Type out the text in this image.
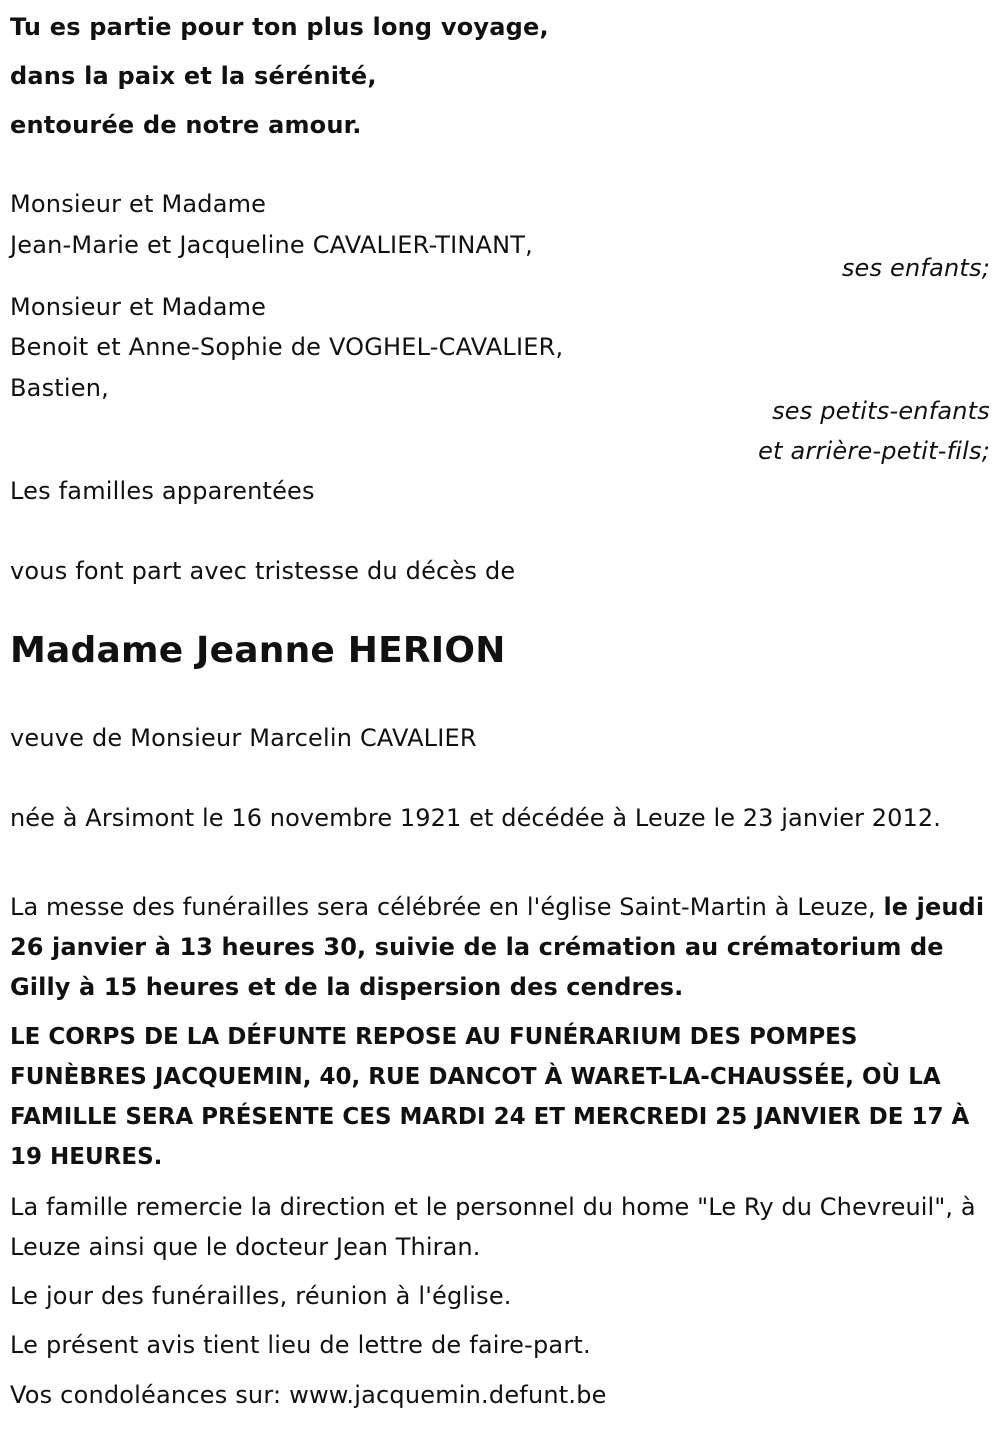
Tu es partie pour ton plus long voyage,
dans la paix et la sérénité,
entourée de notre amour.
Monsieur et Madame
Jean-Marie et Jacqueline CAVALIER-TINANT,
ses enfants;
Monsieur et Madame
Benoit et Anne-Sophie de VOGHEL-CAVALIER,
Bastien,
ses petits-enfants
et arrière-petit-fils;
Les familles apparentées
vous font part avec tristesse du décès de
Madame Jeanne HERION
veuve de Monsieur Marcelin CAVALIER
née à Arsimont le 16 novembre 1921 et décédée à Leuze le 23 janvier 2012.
La messe des funérailles sera célébrée en l'église Saint-Martin à Leuze, le jeudi 26 janvier à 13 heures 30, suivie de la crémation au crématorium de Gilly à 15 heures et de la dispersion des cendres.
LE CORPS DE LA DÉFUNTE REPOSE AU FUNÉRARIUM DES POMPES FUNÈBRES JACQUEMIN, 40, RUE DANCOT À WARET-LA-CHAUSSÉE, OÙ LA FAMILLE SERA PRÉSENTE CES MARDI 24 ET MERCREDI 25 JANVIER DE 17 À 19 HEURES.
La famille remercie la direction et le personnel du home "Le Ry du Chevreuil", à Leuze ainsi que le docteur Jean Thiran.
Le jour des funérailles, réunion à l'église.
Le présent avis tient lieu de lettre de faire-part.
Vos condoléances sur: www.jacquemin.defunt.be
